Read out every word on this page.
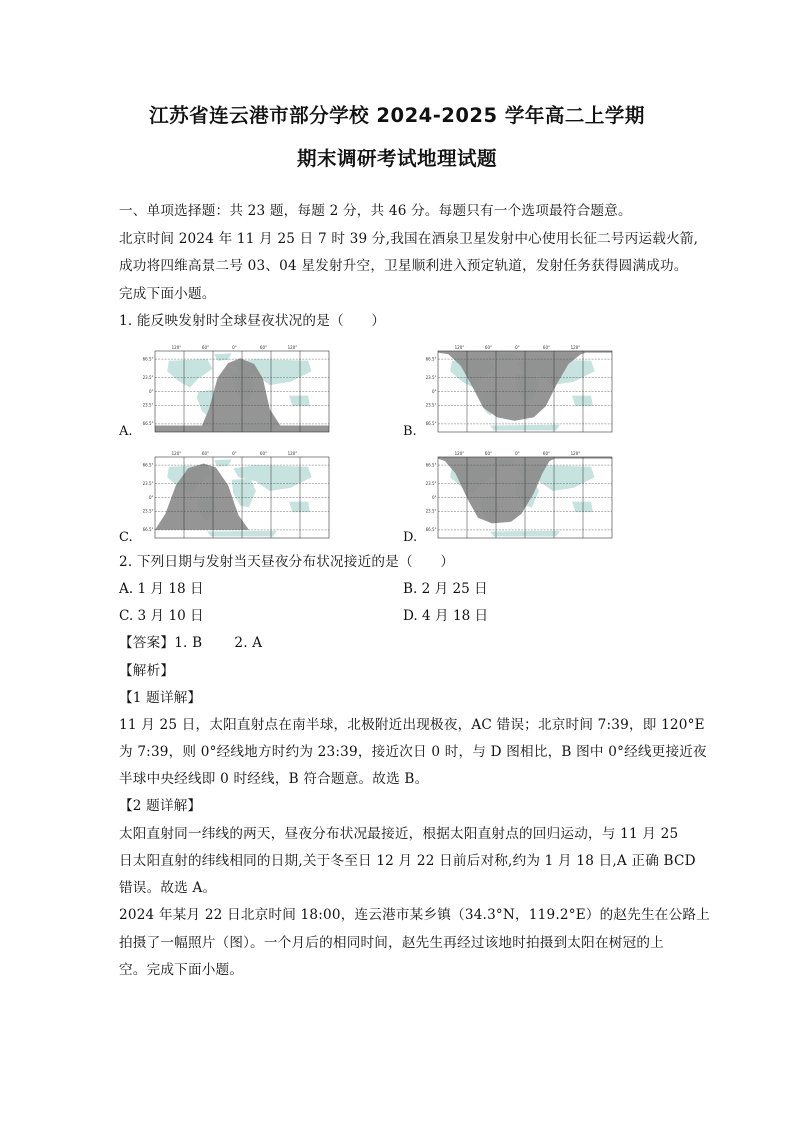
江苏省连云港市部分学校 2024-2025 学年高二上学期
期末调研考试地理试题
一、单项选择题：共 23 题，每题 2 分，共 46 分。每题只有一个选项最符合题意。
北京时间 2024 年 11 月 25 日 7 时 39 分,我国在酒泉卫星发射中心使用长征二号丙运载火箭,
成功将四维高景二号 03、04 星发射升空，卫星顺利进入预定轨道，发射任务获得圆满成功。
完成下面小题。
1. 能反映发射时全球昼夜状况的是（　　）
A.
66.5°
23.5°
0°
23.5°
66.5°
120°	60°	0°	60°	120°
B.
66.5°
23.5°
0°
23.5°
66.5°
120°	60°	0°	60°	120°
C.
66.5°
23.5°
0°
23.5°
66.5°
120°	60°	0°	60°	120°
D.
66.5°
23.5°
0°
23.5°
66.5°
120°	60°	0°	60°	120°
2. 下列日期与发射当天昼夜分布状况接近的是（　　）
A. 1 月 18 日	B. 2 月 25 日
C. 3 月 10 日	D. 4 月 18 日
【答案】1. B　　 2. A
【解析】
【1 题详解】
11 月 25 日，太阳直射点在南半球，北极附近出现极夜，AC 错误；北京时间 7:39，即 120°E
为 7:39，则 0°经线地方时约为 23:39，接近次日 0 时，与 D 图相比，B 图中 0°经线更接近夜
半球中央经线即 0 时经线，B 符合题意。故选 B。
【2 题详解】
太阳直射同一纬线的两天，昼夜分布状况最接近，根据太阳直射点的回归运动，与 11 月 25
日太阳直射的纬线相同的日期,关于冬至日 12 月 22 日前后对称,约为 1 月 18 日,A 正确 BCD
错误。故选 A。
2024 年某月 22 日北京时间 18:00，连云港市某乡镇（34.3°N，119.2°E）的赵先生在公路上
拍摄了一幅照片（图）。一个月后的相同时间，赵先生再经过该地时拍摄到太阳在树冠的上
空。完成下面小题。
